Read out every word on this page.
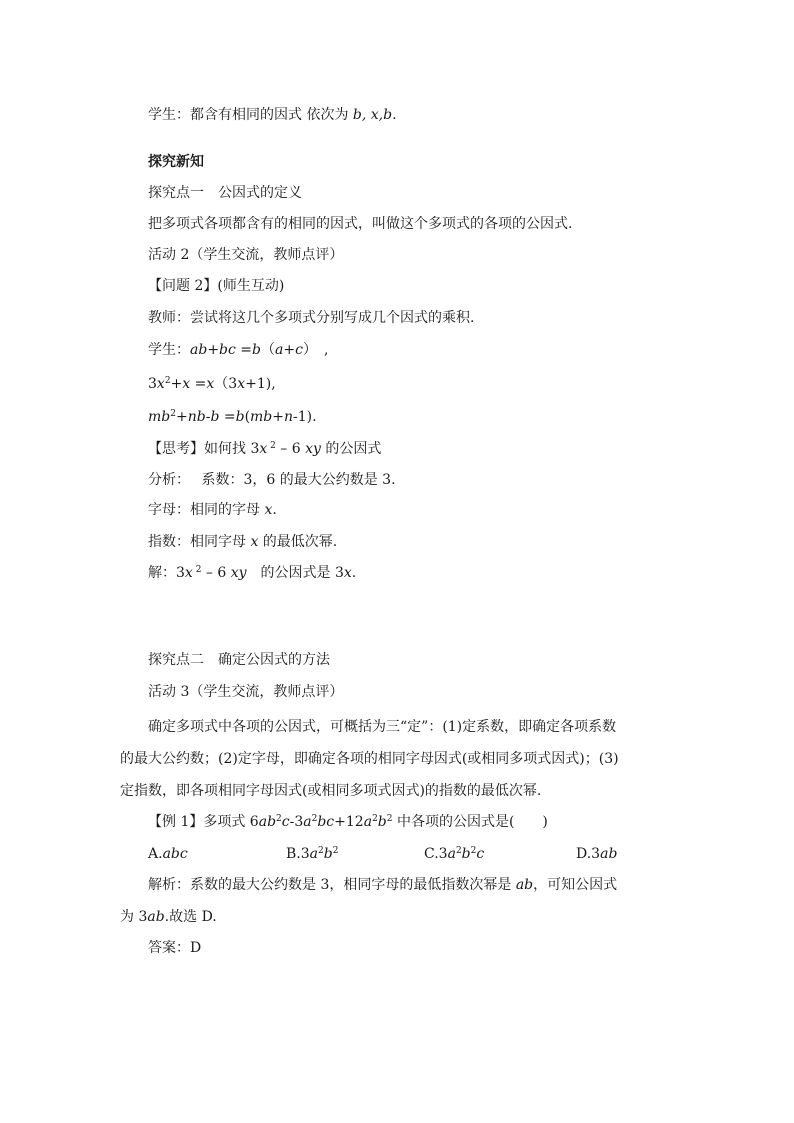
学生：都含有相同的因式 依次为 b, x,b.
探究新知
探究点一　公因式的定义
把多项式各项都含有的相同的因式，叫做这个多项式的各项的公因式.
活动 2（学生交流，教师点评）
【问题 2】(师生互动)
教师：尝试将这几个多项式分别写成几个因式的乘积.
学生：ab+bc =b（a+c）　,
$3x^2+x =x(3x+1)$,
$mb^2+nb-b =b(mb+n-1)$.
【思考】如何找 3x $^2$ – 6 xy 的公因式
分析：　 系数：3，6 的最大公约数是 3.
字母：相同的字母 x.
指数：相同字母 x 的最低次幂.
解：3x $^2$ – 6 xy　的公因式是 3x.
探究点二　确定公因式的方法
活动 3（学生交流，教师点评）
确定多项式中各项的公因式，可概括为三“定”：(1)定系数，即确定各项系数
的最大公约数；(2)定字母，即确定各项的相同字母因式(或相同多项式因式)；(3)
定指数，即各项相同字母因式(或相同多项式因式)的指数的最低次幂.
【例 1】多项式 $6ab^2c-3a^2bc+12a^2b^2$ 中各项的公因式是(　　)
A.abc	$B.3a^2b^2$	$C.3a^2b^2c$	D.3ab
解析：系数的最大公约数是 3，相同字母的最低指数次幂是 ab，可知公因式
为 3ab.故选 D.
答案：D
